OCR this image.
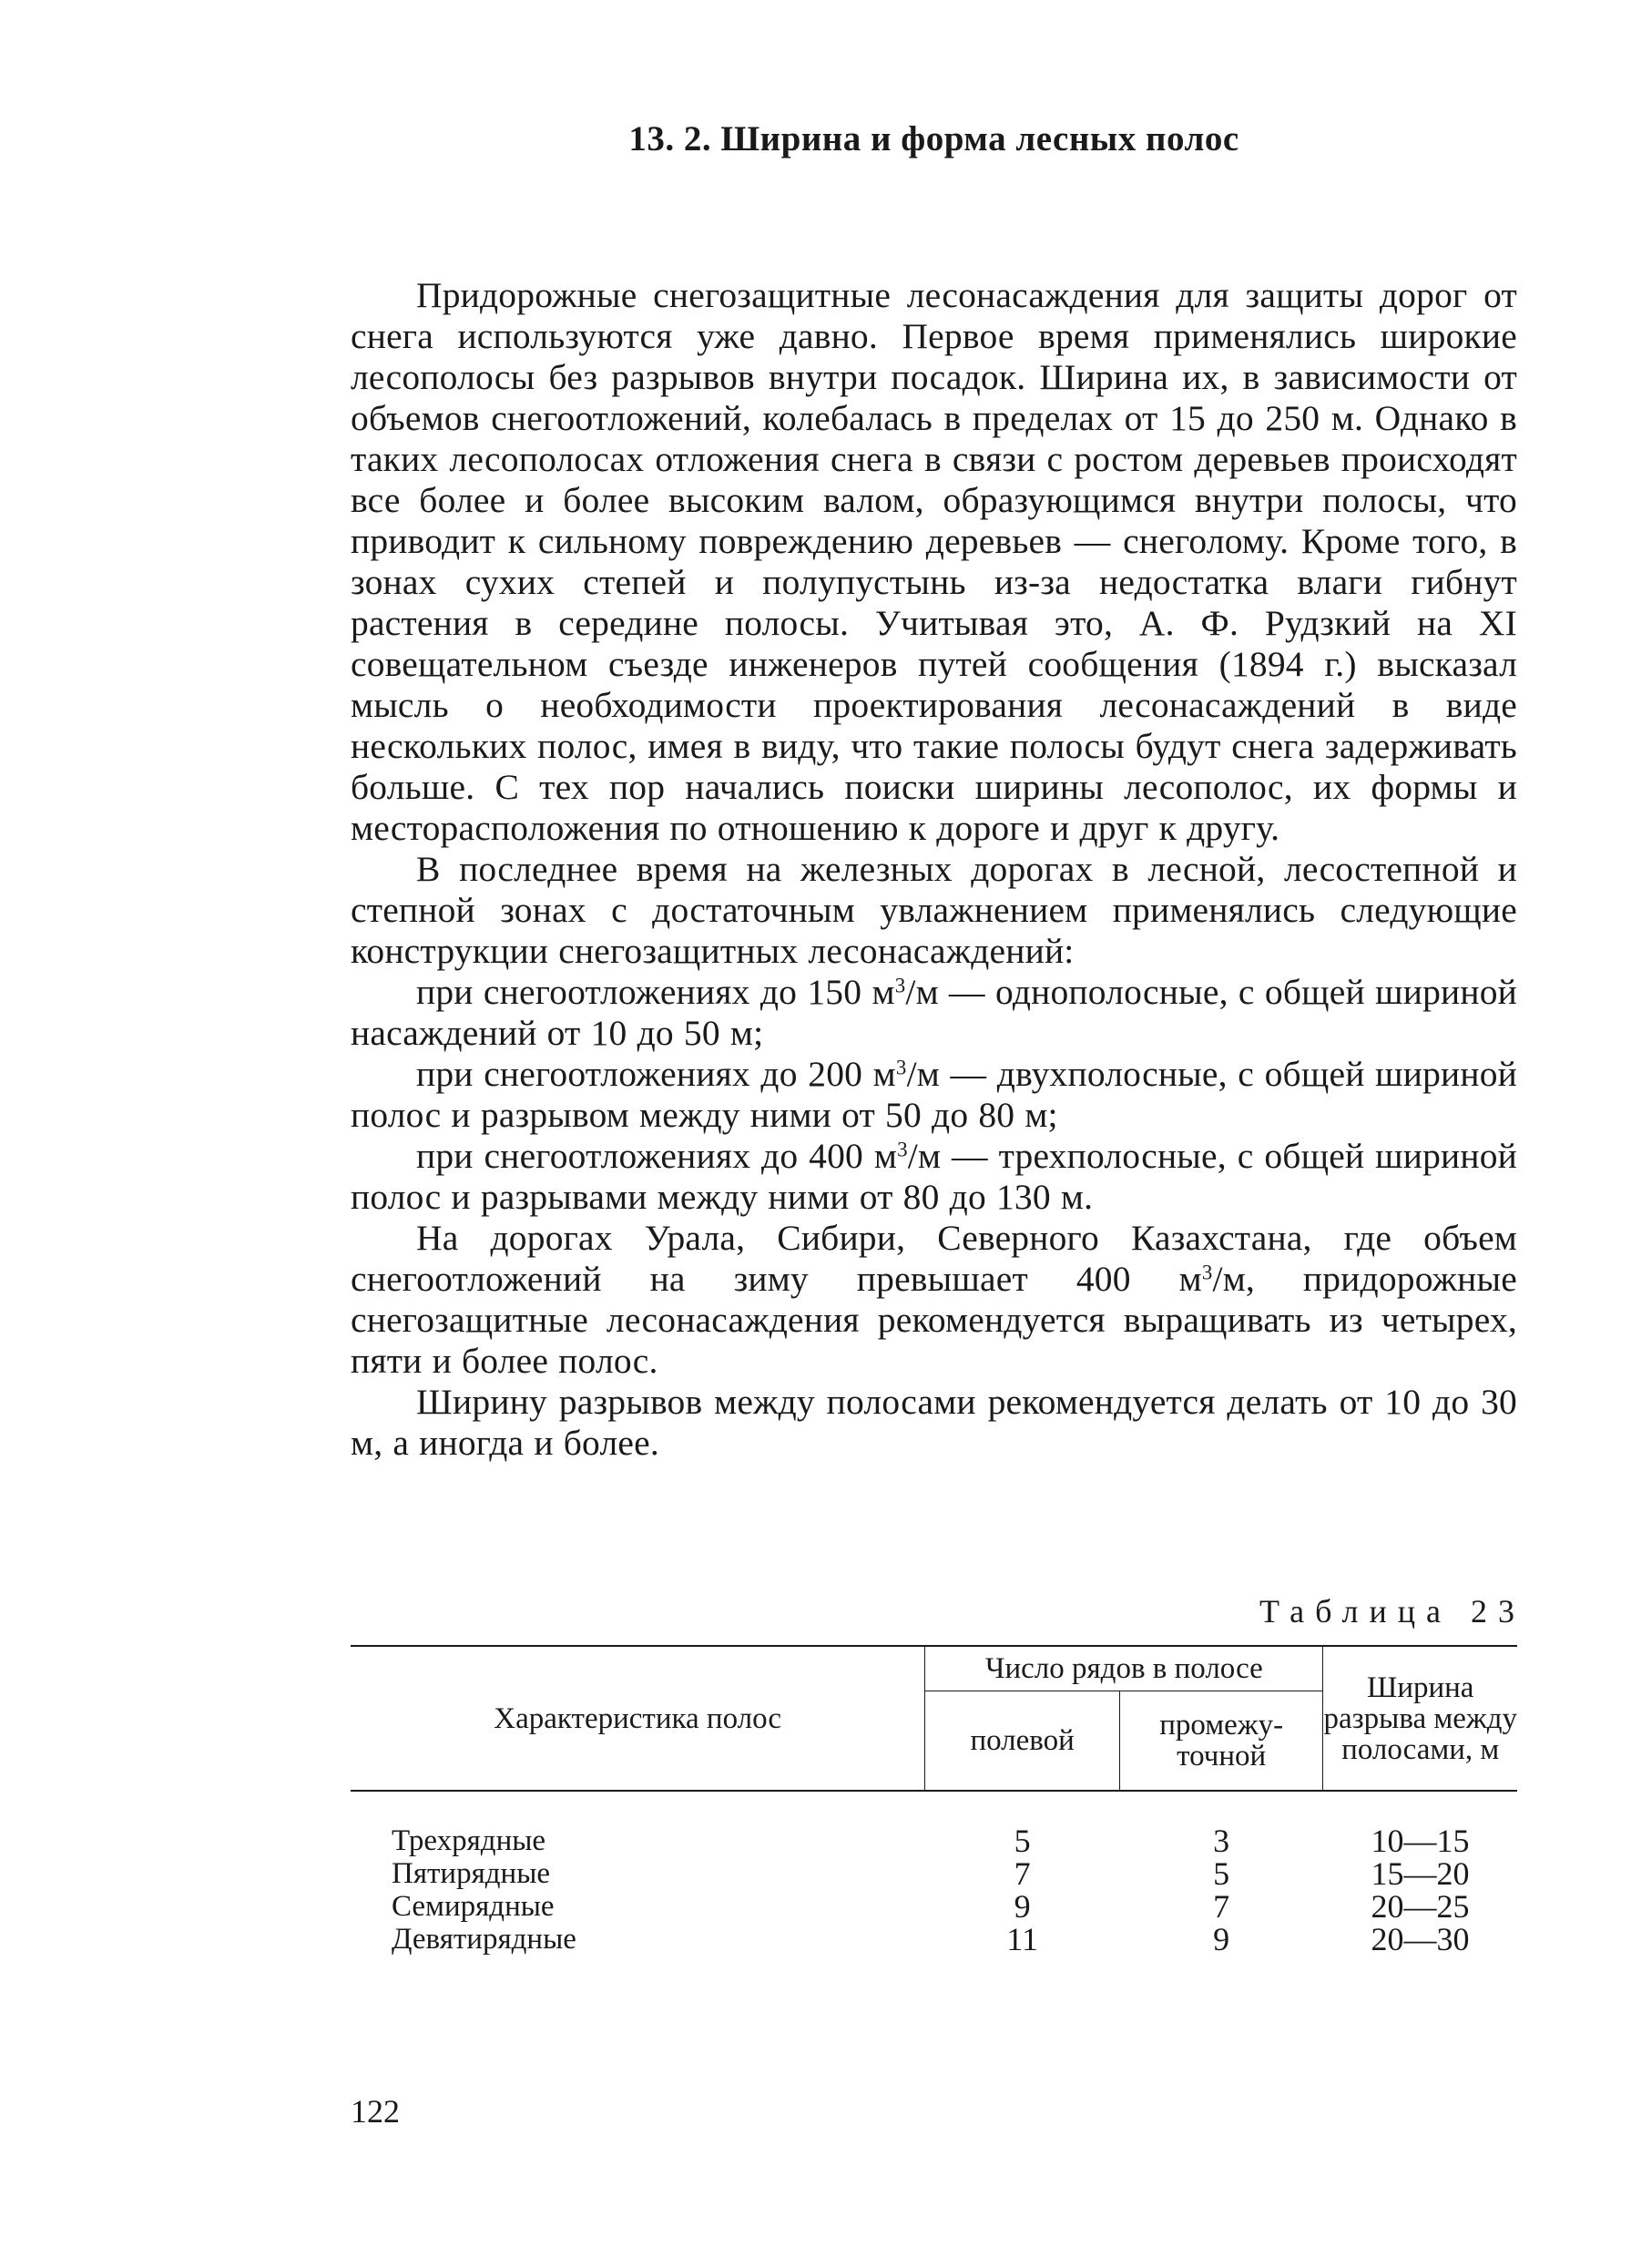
13. 2. Ширина и форма лесных полос

Придорожные снегозащитные лесонасаждения для защиты дорог от снега используются уже давно. Первое время применялись широкие лесополосы без разрывов внутри посадок. Ширина их, в зависимости от объемов снегоотложений, колебалась в пределах от 15 до 250 м. Однако в таких лесополосах отложения снега в связи с ростом деревьев происходят все более и более высоким валом, образующимся внутри полосы, что приводит к сильному повреждению деревьев — снеголому. Кроме того, в зонах сухих степей и полупустынь из-за недостатка влаги гибнут растения в середине полосы. Учитывая это, А. Ф. Рудзкий на XI совещательном съезде инженеров путей сообщения (1894 г.) высказал мысль о необходимости проектирования лесонасаждений в виде нескольких полос, имея в виду, что такие полосы будут снега задерживать больше. С тех пор начались поиски ширины лесополос, их формы и месторасположения по отношению к дороге и друг к другу.

В последнее время на железных дорогах в лесной, лесостепной и степной зонах с достаточным увлажнением применялись следующие конструкции снегозащитных лесонасаждений:

при снегоотложениях до 150 $м^3/м$ — однополосные, с общей шириной насаждений от 10 до 50 м;

при снегоотложениях до 200 $м^3/м$ — двухполосные, с общей шириной полос и разрывом между ними от 50 до 80 м;

при снегоотложениях до 400 $м^3/м$ — трехполосные, с общей шириной полос и разрывами между ними от 80 до 130 м.

На дорогах Урала, Сибири, Северного Казахстана, где объем снегоотложений на зиму превышает 400 $м^3/м$, придорожные снегозащитные лесонасаждения рекомендуется выращивать из четырех, пяти и более полос.

Ширину разрывов между полосами рекомендуется делать от 10 до 30 м, а иногда и более.

Таблица 23
Характеристика полос	Число рядов в полосе		Ширина разрыва между полосами, м
	полевой	промежу-точной	

Трехрядные	5	3	10—15
Пятирядные	7	5	15—20
Семирядные	9	7	20—25
Девятирядные	11	9	20—30
122
